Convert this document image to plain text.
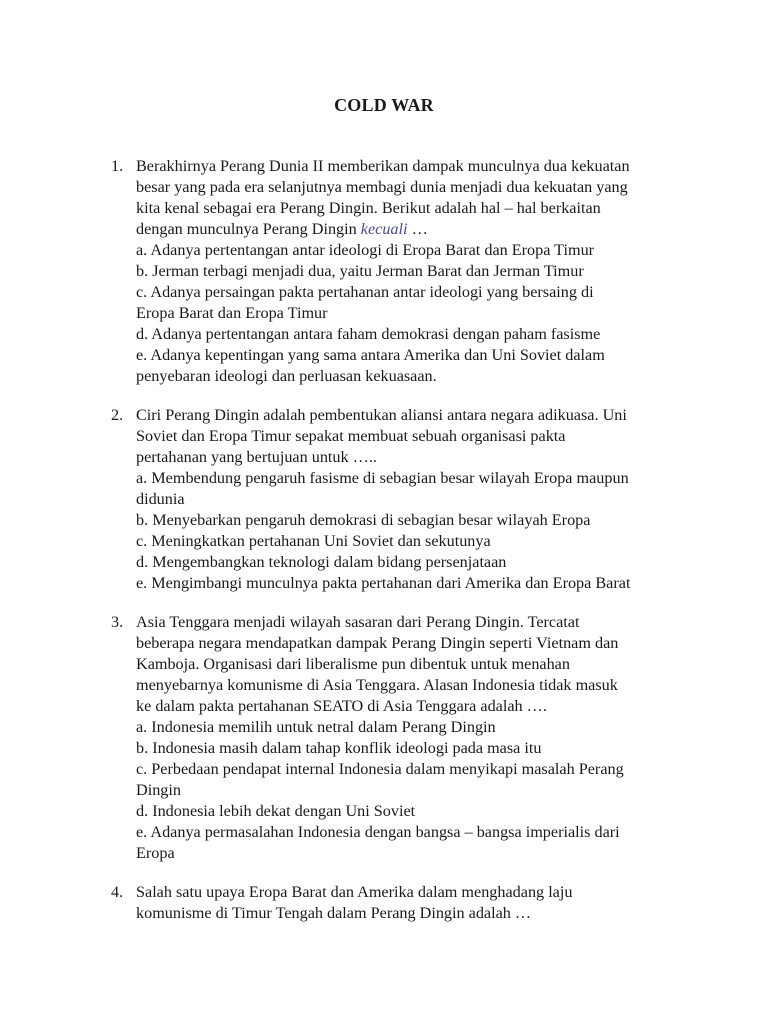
COLD WAR
1. Berakhirnya Perang Dunia II memberikan dampak munculnya dua kekuatan
besar yang pada era selanjutnya membagi dunia menjadi dua kekuatan yang
kita kenal sebagai era Perang Dingin. Berikut adalah hal – hal berkaitan
dengan munculnya Perang Dingin kecuali …
a. Adanya pertentangan antar ideologi di Eropa Barat dan Eropa Timur
b. Jerman terbagi menjadi dua, yaitu Jerman Barat dan Jerman Timur
c. Adanya persaingan pakta pertahanan antar ideologi yang bersaing di
Eropa Barat dan Eropa Timur
d. Adanya pertentangan antara faham demokrasi dengan paham fasisme
e. Adanya kepentingan yang sama antara Amerika dan Uni Soviet dalam
penyebaran ideologi dan perluasan kekuasaan.
2. Ciri Perang Dingin adalah pembentukan aliansi antara negara adikuasa. Uni
Soviet dan Eropa Timur sepakat membuat sebuah organisasi pakta
pertahanan yang bertujuan untuk …..
a. Membendung pengaruh fasisme di sebagian besar wilayah Eropa maupun
didunia
b. Menyebarkan pengaruh demokrasi di sebagian besar wilayah Eropa
c. Meningkatkan pertahanan Uni Soviet dan sekutunya
d. Mengembangkan teknologi dalam bidang persenjataan
e. Mengimbangi munculnya pakta pertahanan dari Amerika dan Eropa Barat
3. Asia Tenggara menjadi wilayah sasaran dari Perang Dingin. Tercatat
beberapa negara mendapatkan dampak Perang Dingin seperti Vietnam dan
Kamboja. Organisasi dari liberalisme pun dibentuk untuk menahan
menyebarnya komunisme di Asia Tenggara. Alasan Indonesia tidak masuk
ke dalam pakta pertahanan SEATO di Asia Tenggara adalah ….
a. Indonesia memilih untuk netral dalam Perang Dingin
b. Indonesia masih dalam tahap konflik ideologi pada masa itu
c. Perbedaan pendapat internal Indonesia dalam menyikapi masalah Perang
Dingin
d. Indonesia lebih dekat dengan Uni Soviet
e. Adanya permasalahan Indonesia dengan bangsa – bangsa imperialis dari
Eropa
4. Salah satu upaya Eropa Barat dan Amerika dalam menghadang laju
komunisme di Timur Tengah dalam Perang Dingin adalah …
